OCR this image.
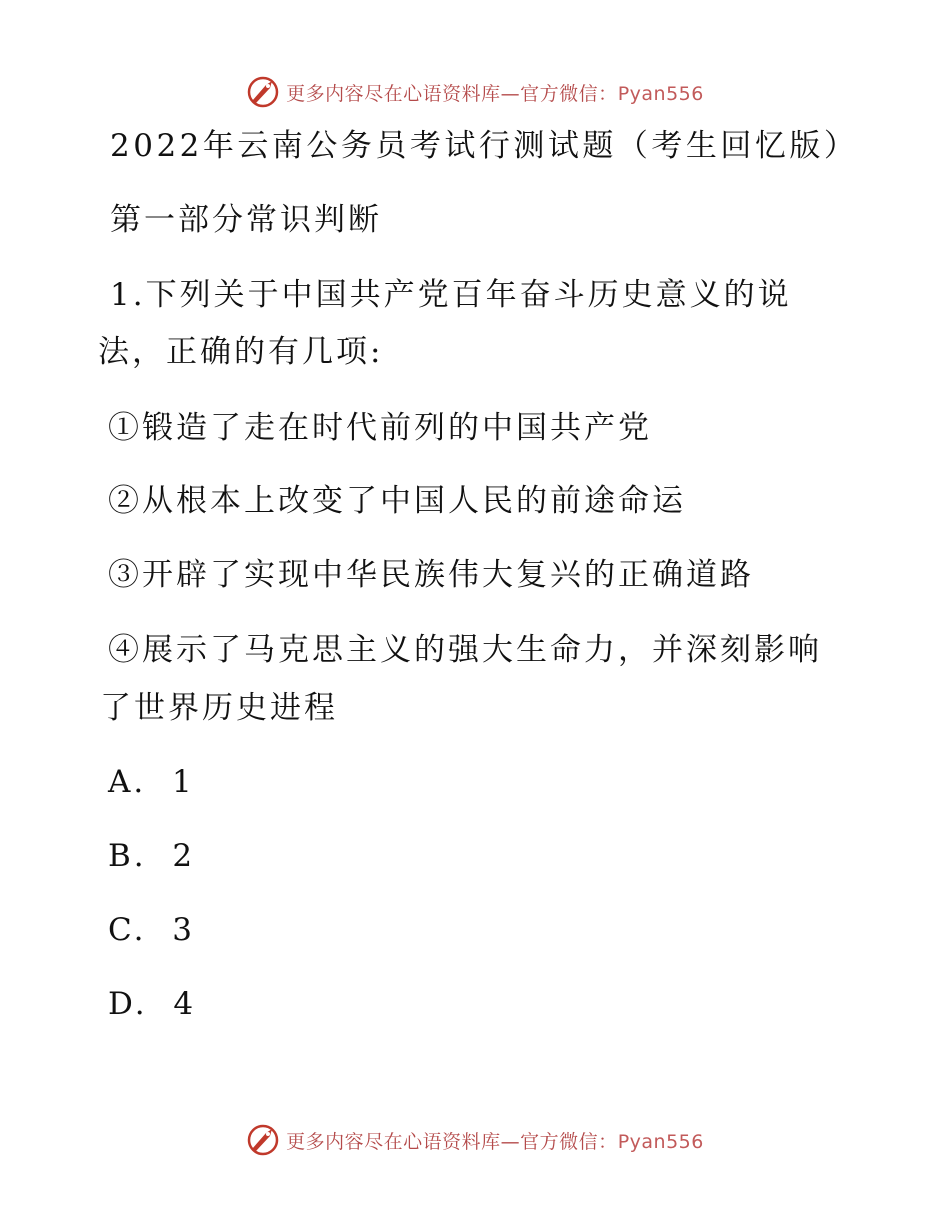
更多内容尽在心语资料库—官方微信：Pyan556
2022年云南公务员考试行测试题（考生回忆版）
第一部分常识判断
1.下列关于中国共产党百年奋斗历史意义的说
法，正确的有几项:
①锻造了走在时代前列的中国共产党
②从根本上改变了中国人民的前途命运
③开辟了实现中华民族伟大复兴的正确道路
④展示了马克思主义的强大生命力，并深刻影响
了世界历史进程
A. 1
B. 2
C. 3
D. 4
更多内容尽在心语资料库—官方微信：Pyan556
